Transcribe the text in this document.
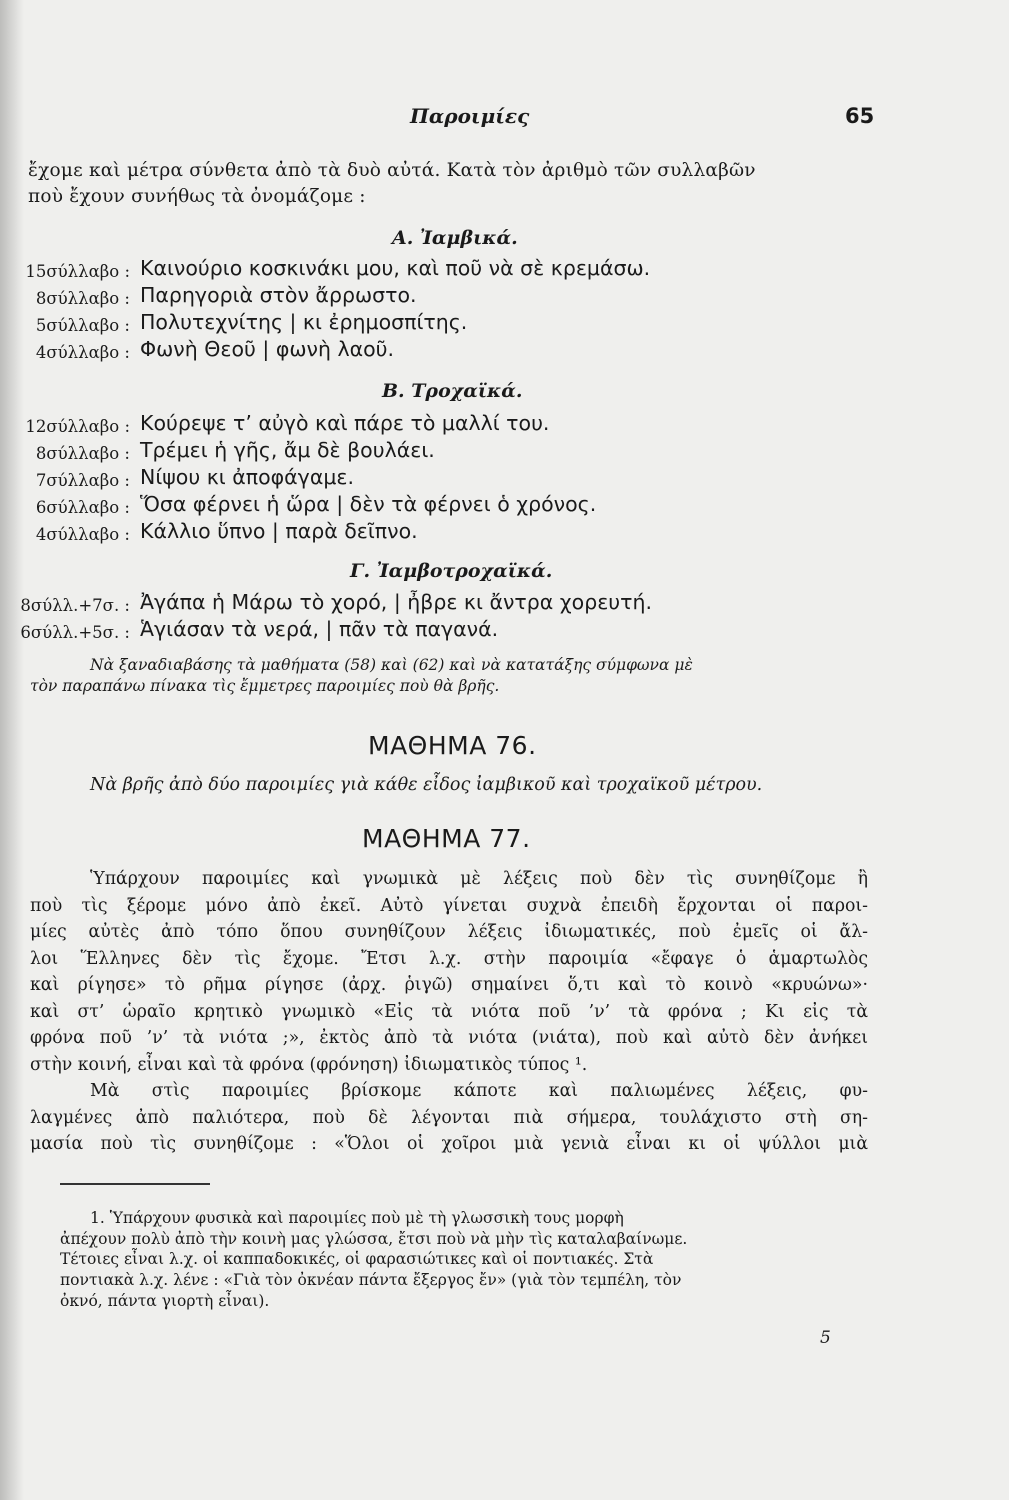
Παροιμίες	65
ἔχομε καὶ μέτρα σύνθετα ἀπὸ τὰ δυὸ αὐτά. Κατὰ τὸν ἀριθμὸ τῶν συλλαβῶν
ποὺ ἔχουν συνήθως τὰ ὀνομάζομε :
Α. Ἰαμβικά.
15σύλλαβο : Καινούριο κοσκινάκι μου, καὶ ποῦ νὰ σὲ κρεμάσω.
8σύλλαβο : Παρηγοριὰ στὸν ἄρρωστο.
5σύλλαβο : Πολυτεχνίτης | κι ἐρημοσπίτης.
4σύλλαβο : Φωνὴ Θεοῦ | φωνὴ λαοῦ.
Β. Τροχαϊκά.
12σύλλαβο : Κούρεψε τ’ αὐγὸ καὶ πάρε τὸ μαλλί του.
8σύλλαβο : Τρέμει ἡ γῆς, ἄμ δὲ βουλάει.
7σύλλαβο : Νίψου κι ἀποφάγαμε.
6σύλλαβο : Ὅσα φέρνει ἡ ὥρα | δὲν τὰ φέρνει ὁ χρόνος.
4σύλλαβο : Κάλλιο ὕπνο | παρὰ δεῖπνο.
Γ. Ἰαμβοτροχαϊκά.
8σύλλ.+7σ. : Ἀγάπα ἡ Μάρω τὸ χορό, | ἦβρε κι ἄντρα χορευτή.
6σύλλ.+5σ. : Ἁγιάσαν τὰ νερά, | πᾶν τὰ παγανά.
Νὰ ξαναδιαβάσης τὰ μαθήματα (58) καὶ (62) καὶ νὰ κατατάξης σύμφωνα μὲ
τὸν παραπάνω πίνακα τὶς ἔμμετρες παροιμίες ποὺ θὰ βρῆς.
ΜΑΘΗΜΑ 76.
Νὰ βρῆς ἀπὸ δύο παροιμίες γιὰ κάθε εἶδος ἰαμβικοῦ καὶ τροχαϊκοῦ μέτρου.
ΜΑΘΗΜΑ 77.
Ὑπάρχουν παροιμίες καὶ γνωμικὰ μὲ λέξεις ποὺ δὲν τὶς συνηθίζομε ἢ
ποὺ τὶς ξέρομε μόνο ἀπὸ ἐκεῖ. Αὐτὸ γίνεται συχνὰ ἐπειδὴ ἔρχονται οἱ παροι-
μίες αὐτὲς ἀπὸ τόπο ὅπου συνηθίζουν λέξεις ἰδιωματικές, ποὺ ἐμεῖς οἱ ἄλ-
λοι Ἕλληνες δὲν τὶς ἔχομε. Ἔτσι λ.χ. στὴν παροιμία «ἔφαγε ὁ ἁμαρτωλὸς
καὶ ρίγησε» τὸ ρῆμα ρίγησε (ἀρχ. ῥιγῶ) σημαίνει ὅ,τι καὶ τὸ κοινὸ «κρυώνω»·
καὶ στ’ ὡραῖο κρητικὸ γνωμικὸ «Εἰς τὰ νιότα ποῦ ’ν’ τὰ φρόνα ; Κι εἰς τὰ
φρόνα ποῦ ’ν’ τὰ νιότα ;», ἐκτὸς ἀπὸ τὰ νιότα (νιάτα), ποὺ καὶ αὐτὸ δὲν ἀνήκει
στὴν κοινή, εἶναι καὶ τὰ φρόνα (φρόνηση) ἰδιωματικὸς τύπος ¹.
Μὰ στὶς παροιμίες βρίσκομε κάποτε καὶ παλιωμένες λέξεις, φυ-
λαγμένες ἀπὸ παλιότερα, ποὺ δὲ λέγονται πιὰ σήμερα, τουλάχιστο στὴ ση-
μασία ποὺ τὶς συνηθίζομε : «Ὅλοι οἱ χοῖροι μιὰ γενιὰ εἶναι κι οἱ ψύλλοι μιὰ
1. Ὑπάρχουν φυσικὰ καὶ παροιμίες ποὺ μὲ τὴ γλωσσικὴ τους μορφὴ
ἀπέχουν πολὺ ἀπὸ τὴν κοινὴ μας γλώσσα, ἔτσι ποὺ νὰ μὴν τὶς καταλαβαίνωμε.
Τέτοιες εἶναι λ.χ. οἱ καππαδοκικές, οἱ φαρασιώτικες καὶ οἱ ποντιακές. Στὰ
ποντιακὰ λ.χ. λένε : «Γιὰ τὸν ὀκνέαν πάντα ἔξεργος ἔν» (γιὰ τὸν τεμπέλη, τὸν
ὀκνό, πάντα γιορτὴ εἶναι).
5
